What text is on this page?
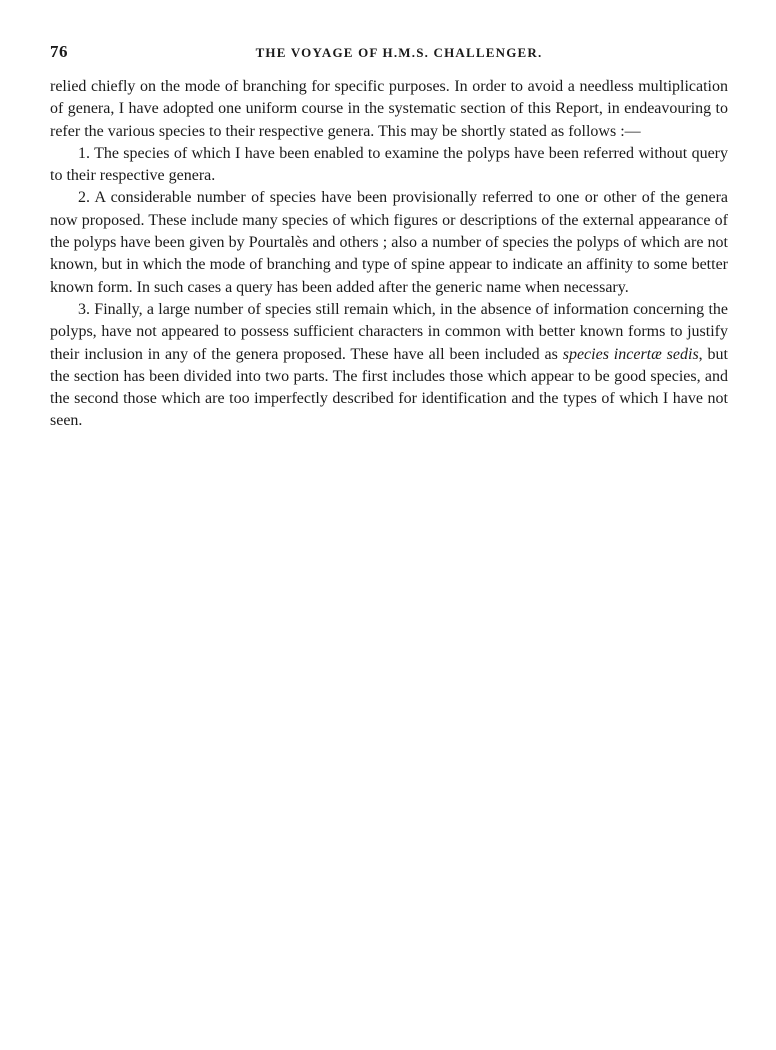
76	THE VOYAGE OF H.M.S. CHALLENGER.

relied chiefly on the mode of branching for specific purposes. In order to avoid a needless multiplication of genera, I have adopted one uniform course in the systematic section of this Report, in endeavouring to refer the various species to their respective genera. This may be shortly stated as follows :—

1. The species of which I have been enabled to examine the polyps have been referred without query to their respective genera.

2. A considerable number of species have been provisionally referred to one or other of the genera now proposed. These include many species of which figures or descriptions of the external appearance of the polyps have been given by Pourtalès and others ; also a number of species the polyps of which are not known, but in which the mode of branching and type of spine appear to indicate an affinity to some better known form. In such cases a query has been added after the generic name when necessary.

3. Finally, a large number of species still remain which, in the absence of information concerning the polyps, have not appeared to possess sufficient characters in common with better known forms to justify their inclusion in any of the genera proposed. These have all been included as species incertæ sedis, but the section has been divided into two parts. The first includes those which appear to be good species, and the second those which are too imperfectly described for identification and the types of which I have not seen.
